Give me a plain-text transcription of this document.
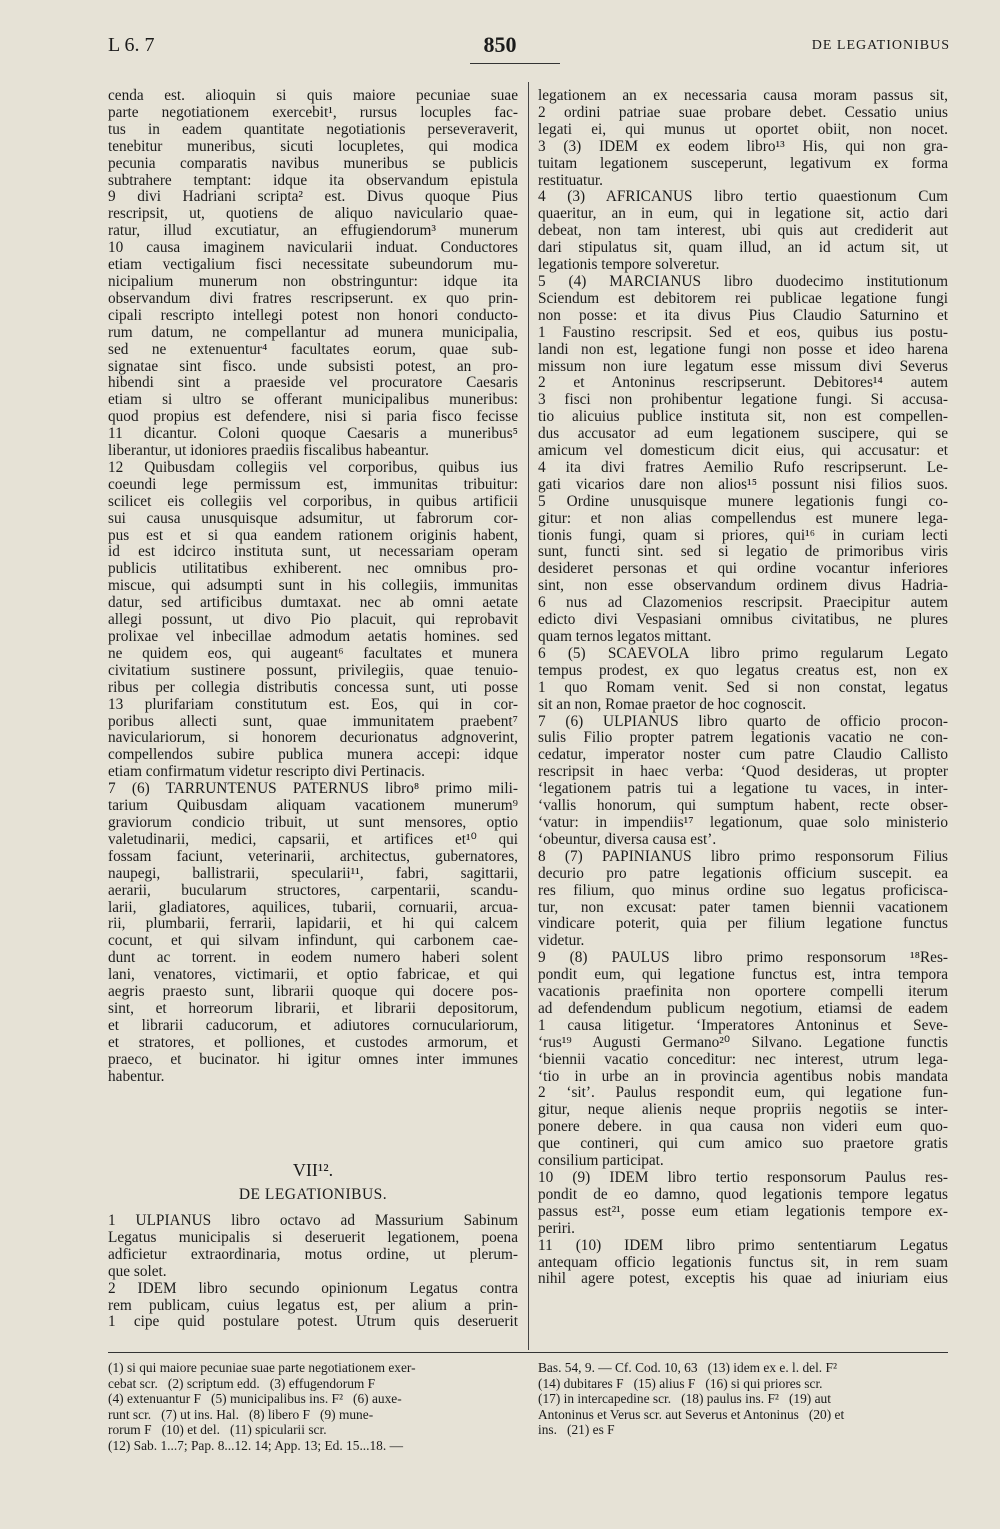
L 6. 7	850	DE LEGATIONIBUS
cenda est. alioquin si quis maiore pecuniae suae
parte negotiationem exercebit¹, rursus locuples fac-
tus in eadem quantitate negotiationis perseveraverit,
tenebitur muneribus, sicuti locupletes, qui modica
pecunia comparatis navibus muneribus se publicis
subtrahere temptant: idque ita observandum epistula
9 divi Hadriani scripta² est. Divus quoque Pius
rescripsit, ut, quotiens de aliquo naviculario quae-
ratur, illud excutiatur, an effugiendorum³ munerum
10 causa imaginem navicularii induat. Conductores
etiam vectigalium fisci necessitate subeundorum mu-
nicipalium munerum non obstringuntur: idque ita
observandum divi fratres rescripserunt. ex quo prin-
cipali rescripto intellegi potest non honori conducto-
rum datum, ne compellantur ad munera municipalia,
sed ne extenuentur⁴ facultates eorum, quae sub-
signatae sint fisco. unde subsisti potest, an pro-
hibendi sint a praeside vel procuratore Caesaris
etiam si ultro se offerant municipalibus muneribus:
quod propius est defendere, nisi si paria fisco fecisse
11 dicantur. Coloni quoque Caesaris a muneribus⁵
liberantur, ut idoniores praediis fiscalibus habeantur.
12 Quibusdam collegiis vel corporibus, quibus ius
coeundi lege permissum est, immunitas tribuitur:
scilicet eis collegiis vel corporibus, in quibus artificii
sui causa unusquisque adsumitur, ut fabrorum cor-
pus est et si qua eandem rationem originis habent,
id est idcirco instituta sunt, ut necessariam operam
publicis utilitatibus exhiberent. nec omnibus pro-
miscue, qui adsumpti sunt in his collegiis, immunitas
datur, sed artificibus dumtaxat. nec ab omni aetate
allegi possunt, ut divo Pio placuit, qui reprobavit
prolixae vel inbecillae admodum aetatis homines. sed
ne quidem eos, qui augeant⁶ facultates et munera
civitatium sustinere possunt, privilegiis, quae tenuio-
ribus per collegia distributis concessa sunt, uti posse
13 plurifariam constitutum est. Eos, qui in cor-
poribus allecti sunt, quae immunitatem praebent⁷
naviculariorum, si honorem decurionatus adgnoverint,
compellendos subire publica munera accepi: idque
etiam confirmatum videtur rescripto divi Pertinacis.
7 (6) TARRUNTENUS PATERNUS libro⁸ primo mili-
tarium Quibusdam aliquam vacationem munerum⁹
graviorum condicio tribuit, ut sunt mensores, optio
valetudinarii, medici, capsarii, et artifices et¹⁰ qui
fossam faciunt, veterinarii, architectus, gubernatores,
naupegi, ballistrarii, specularii¹¹, fabri, sagittarii,
aerarii, bucularum structores, carpentarii, scandu-
larii, gladiatores, aquilices, tubarii, cornuarii, arcua-
rii, plumbarii, ferrarii, lapidarii, et hi qui calcem
cocunt, et qui silvam infindunt, qui carbonem cae-
dunt ac torrent. in eodem numero haberi solent
lani, venatores, victimarii, et optio fabricae, et qui
aegris praesto sunt, librarii quoque qui docere pos-
sint, et horreorum librarii, et librarii depositorum,
et librarii caducorum, et adiutores cornuculariorum,
et stratores, et polliones, et custodes armorum, et
praeco, et bucinator. hi igitur omnes inter immunes
habentur.
VII¹².
DE LEGATIONIBUS.
1 ULPIANUS libro octavo ad Massurium Sabinum
Legatus municipalis si deseruerit legationem, poena
adficietur extraordinaria, motus ordine, ut plerum-
que solet.
2 IDEM libro secundo opinionum Legatus contra
rem publicam, cuius legatus est, per alium a prin-
1 cipe quid postulare potest. Utrum quis deseruerit
legationem an ex necessaria causa moram passus sit,
2 ordini patriae suae probare debet. Cessatio unius
legati ei, qui munus ut oportet obiit, non nocet.
3 (3) IDEM ex eodem libro¹³ His, qui non gra-
tuitam legationem susceperunt, legativum ex forma
restituatur.
4 (3) AFRICANUS libro tertio quaestionum Cum
quaeritur, an in eum, qui in legatione sit, actio dari
debeat, non tam interest, ubi quis aut crediderit aut
dari stipulatus sit, quam illud, an id actum sit, ut
legationis tempore solveretur.
5 (4) MARCIANUS libro duodecimo institutionum
Sciendum est debitorem rei publicae legatione fungi
non posse: et ita divus Pius Claudio Saturnino et
1 Faustino rescripsit. Sed et eos, quibus ius postu-
landi non est, legatione fungi non posse et ideo harena
missum non iure legatum esse missum divi Severus
2 et Antoninus rescripserunt. Debitores¹⁴ autem
3 fisci non prohibentur legatione fungi. Si accusa-
tio alicuius publice instituta sit, non est compellen-
dus accusator ad eum legationem suscipere, qui se
amicum vel domesticum dicit eius, qui accusatur: et
4 ita divi fratres Aemilio Rufo rescripserunt. Le-
gati vicarios dare non alios¹⁵ possunt nisi filios suos.
5 Ordine unusquisque munere legationis fungi co-
gitur: et non alias compellendus est munere lega-
tionis fungi, quam si priores, qui¹⁶ in curiam lecti
sunt, functi sint. sed si legatio de primoribus viris
desideret personas et qui ordine vocantur inferiores
sint, non esse observandum ordinem divus Hadria-
6 nus ad Clazomenios rescripsit. Praecipitur autem
edicto divi Vespasiani omnibus civitatibus, ne plures
quam ternos legatos mittant.
6 (5) SCAEVOLA libro primo regularum Legato
tempus prodest, ex quo legatus creatus est, non ex
1 quo Romam venit. Sed si non constat, legatus
sit an non, Romae praetor de hoc cognoscit.
7 (6) ULPIANUS libro quarto de officio procon-
sulis Filio propter patrem legationis vacatio ne con-
cedatur, imperator noster cum patre Claudio Callisto
rescripsit in haec verba: ‘Quod desideras, ut propter
‘legationem patris tui a legatione tu vaces, in inter-
‘vallis honorum, qui sumptum habent, recte obser-
‘vatur: in impendiis¹⁷ legationum, quae solo ministerio
‘obeuntur, diversa causa est’.
8 (7) PAPINIANUS libro primo responsorum Filius
decurio pro patre legationis officium suscepit. ea
res filium, quo minus ordine suo legatus proficisca-
tur, non excusat: pater tamen biennii vacationem
vindicare poterit, quia per filium legatione functus
videtur.
9 (8) PAULUS libro primo responsorum ¹⁸Res-
pondit eum, qui legatione functus est, intra tempora
vacationis praefinita non oportere compelli iterum
ad defendendum publicum negotium, etiamsi de eadem
1 causa litigetur. ‘Imperatores Antoninus et Seve-
‘rus¹⁹ Augusti Germano²⁰ Silvano. Legatione functis
‘biennii vacatio conceditur: nec interest, utrum lega-
‘tio in urbe an in provincia agentibus nobis mandata
2 ‘sit’. Paulus respondit eum, qui legatione fun-
gitur, neque alienis neque propriis negotiis se inter-
ponere debere. in qua causa non videri eum quo-
que contineri, qui cum amico suo praetore gratis
consilium participat.
10 (9) IDEM libro tertio responsorum Paulus res-
pondit de eo damno, quod legationis tempore legatus
passus est²¹, posse eum etiam legationis tempore ex-
periri.
11 (10) IDEM libro primo sententiarum Legatus
antequam officio legationis functus sit, in rem suam
nihil agere potest, exceptis his quae ad iniuriam eius
(1) si qui maiore pecuniae suae parte negotiationem exer-
cebat scr.   (2) scriptum edd.   (3) effugendorum F
(4) extenuantur F   (5) municipalibus ins. F²   (6) auxe-
runt scr.   (7) ut ins. Hal.   (8) libero F   (9) mune-
rorum F   (10) et del.   (11) spicularii scr.
(12) Sab. 1...7; Pap. 8...12. 14; App. 13; Ed. 15...18. —
Bas. 54, 9. — Cf. Cod. 10, 63   (13) idem ex e. l. del. F²
(14) dubitares F   (15) alius F   (16) si qui priores scr.
(17) in intercapedine scr.   (18) paulus ins. F²   (19) aut
Antoninus et Verus scr. aut Severus et Antoninus   (20) et
ins.   (21) es F
